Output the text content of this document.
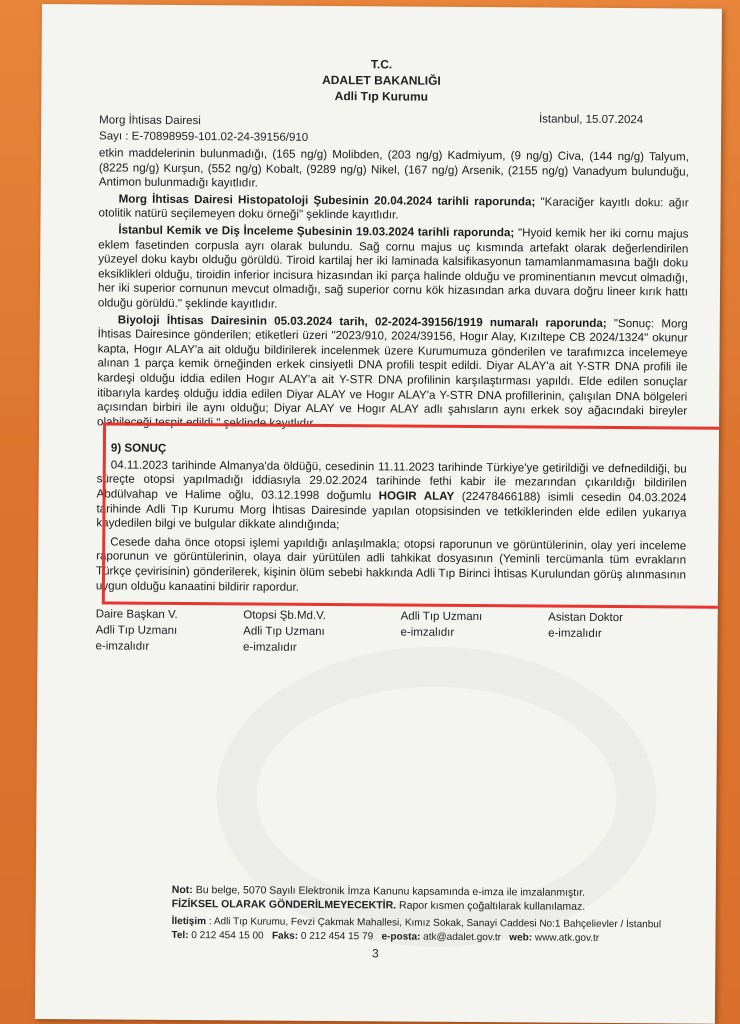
T.C.
ADALET BAKANLIĞI
Adli Tıp Kurumu
Morg İhtisas Dairesi
Sayı : E-70898959-101.02-24-39156/910
İstanbul, 15.07.2024

etkin maddelerinin bulunmadığı, (165 ng/g) Molibden, (203 ng/g) Kadmiyum, (9 ng/g) Civa, (144 ng/g) Talyum, (8225 ng/g) Kurşun, (552 ng/g) Kobalt, (9289 ng/g) Nikel, (167 ng/g) Arsenik, (2155 ng/g) Vanadyum bulunduğu, Antimon bulunmadığı kayıtlıdır.

Morg İhtisas Dairesi Histopatoloji Şubesinin 20.04.2024 tarihli raporunda; "Karaciğer kayıtlı doku: ağır otolitik natürü seçilemeyen doku örneği" şeklinde kayıtlıdır.

İstanbul Kemik ve Diş İnceleme Şubesinin 19.03.2024 tarihli raporunda; "Hyoid kemik her iki cornu majus eklem fasetinden corpusla ayrı olarak bulundu. Sağ cornu majus uç kısmında artefakt olarak değerlendirilen yüzeyel doku kaybı olduğu görüldü. Tiroid kartilaj her iki laminada kalsifikasyonun tamamlanmamasına bağlı doku eksiklikleri olduğu, tiroidin inferior incisura hizasından iki parça halinde olduğu ve prominentianın mevcut olmadığı, her iki superior cornunun mevcut olmadığı, sağ superior cornu kök hizasından arka duvara doğru lineer kırık hattı olduğu görüldü." şeklinde kayıtlıdır.

Biyoloji İhtisas Dairesinin 05.03.2024 tarih, 02-2024-39156/1919 numaralı raporunda; "Sonuç: Morg İhtisas Dairesince gönderilen; etiketleri üzeri "2023/910, 2024/39156, Hogır Alay, Kızıltepe CB 2024/1324" okunur kapta, Hogır ALAY'a ait olduğu bildirilerek incelenmek üzere Kurumumuza gönderilen ve tarafımızca incelemeye alınan 1 parça kemik örneğinden erkek cinsiyetli DNA profili tespit edildi. Diyar ALAY'a ait Y-STR DNA profili ile kardeşi olduğu iddia edilen Hogır ALAY'a ait Y-STR DNA profilinin karşılaştırması yapıldı. Elde edilen sonuçlar itibarıyla kardeş olduğu iddia edilen Diyar ALAY ve Hogır ALAY'a Y-STR DNA profillerinin, çalışılan DNA bölgeleri açısından birbiri ile aynı olduğu; Diyar ALAY ve Hogır ALAY adlı şahısların aynı erkek soy ağacındaki bireyler olabileceği tespit edildi." şeklinde kayıtlıdır.

9) SONUÇ

04.11.2023 tarihinde Almanya'da öldüğü, cesedinin 11.11.2023 tarihinde Türkiye'ye getirildiği ve defnedildiği, bu süreçte otopsi yapılmadığı iddiasıyla 29.02.2024 tarihinde fethi kabir ile mezarından çıkarıldığı bildirilen Abdülvahap ve Halime oğlu, 03.12.1998 doğumlu HOGIR ALAY (22478466188) isimli cesedin 04.03.2024 tarihinde Adli Tıp Kurumu Morg İhtisas Dairesinde yapılan otopsisinden ve tetkiklerinden elde edilen yukarıya kaydedilen bilgi ve bulgular dikkate alındığında;

Cesede daha önce otopsi işlemi yapıldığı anlaşılmakla; otopsi raporunun ve görüntülerinin, olay yeri inceleme raporunun ve görüntülerinin, olaya dair yürütülen adli tahkikat dosyasının (Yeminli tercümanla tüm evrakların Türkçe çevirisinin) gönderilerek, kişinin ölüm sebebi hakkında Adli Tıp Birinci İhtisas Kurulundan görüş alınmasının uygun olduğu kanaatini bildirir rapordur.

Daire Başkan V.
Adli Tıp Uzmanı
e-imzalıdır
Otopsi Şb.Md.V.
Adli Tıp Uzmanı
e-imzalıdır
Adli Tıp Uzmanı
e-imzalıdır
Asistan Doktor
e-imzalıdır
Not: Bu belge, 5070 Sayılı Elektronik İmza Kanunu kapsamında e-imza ile imzalanmıştır.
FİZİKSEL OLARAK GÖNDERİLMEYECEKTİR. Rapor kısmen çoğaltılarak kullanılamaz.
İletişim : Adli Tıp Kurumu, Fevzi Çakmak Mahallesi, Kımız Sokak, Sanayi Caddesi No:1 Bahçelievler / İstanbul
Tel: 0 212 454 15 00 Faks: 0 212 454 15 79 e-posta: atk@adalet.gov.tr web: www.atk.gov.tr
3
